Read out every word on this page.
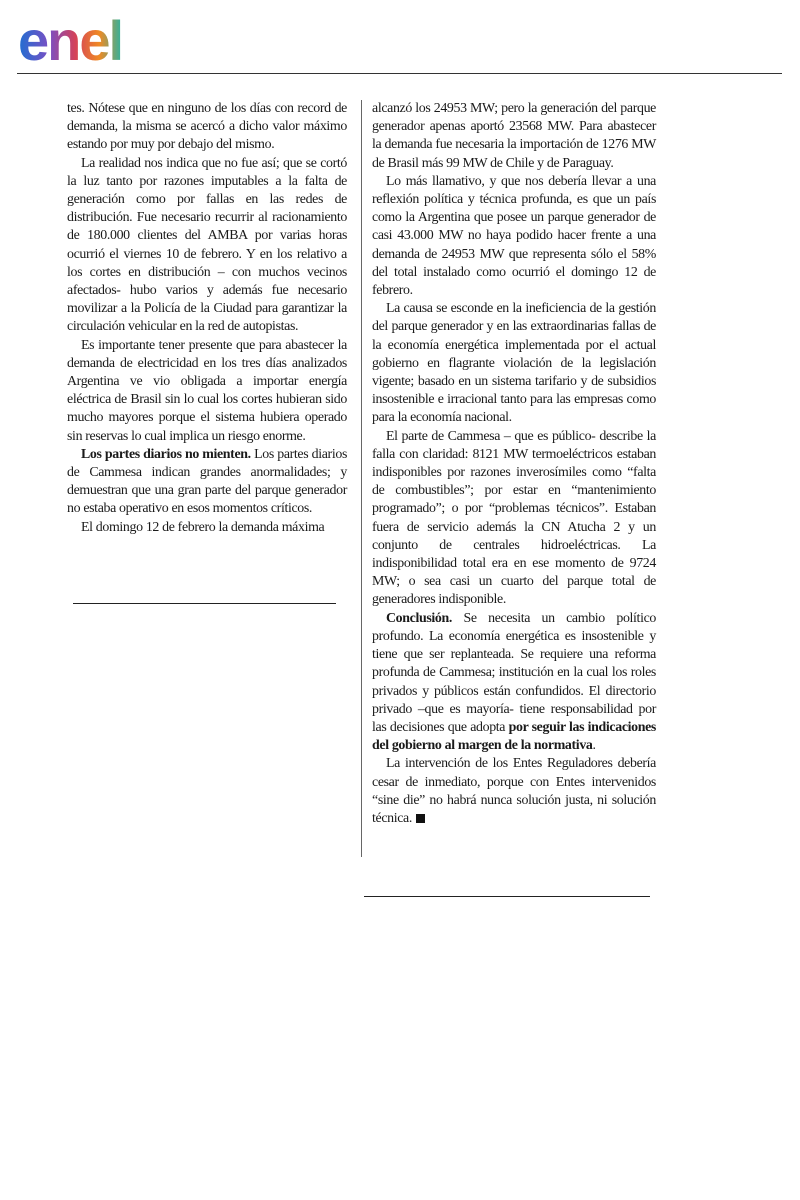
enel

tes. Nótese que en ninguno de los días con record de demanda, la misma se acercó a dicho valor máximo estando por muy por debajo del mismo.

La realidad nos indica que no fue así; que se cortó la luz tanto por razones imputables a la falta de generación como por fallas en las redes de distribución. Fue necesario recurrir al racionamiento de 180.000 clientes del AMBA por varias horas ocurrió el viernes 10 de febrero. Y en los relativo a los cortes en distribución – con muchos vecinos afectados- hubo varios y además fue necesario movilizar a la Policía de la Ciudad para garantizar la circulación vehicular en la red de autopistas.

Es importante tener presente que para abastecer la demanda de electricidad en los tres días analizados Argentina ve vio obligada a importar energía eléctrica de Brasil sin lo cual los cortes hubieran sido mucho mayores porque el sistema hubiera operado sin reservas lo cual implica un riesgo enorme.

Los partes diarios no mienten. Los partes diarios de Cammesa indican grandes anormalidades; y demuestran que una gran parte del parque generador no estaba operativo en esos momentos críticos.

El domingo 12 de febrero la demanda máxima

alcanzó los 24953 MW; pero la generación del parque generador apenas aportó 23568 MW. Para abastecer la demanda fue necesaria la importación de 1276 MW de Brasil más 99 MW de Chile y de Paraguay.

Lo más llamativo, y que nos debería llevar a una reflexión política y técnica profunda, es que un país como la Argentina que posee un parque generador de casi 43.000 MW no haya podido hacer frente a una demanda de 24953 MW que representa sólo el 58% del total instalado como ocurrió el domingo 12 de febrero.

La causa se esconde en la ineficiencia de la gestión del parque generador y en las extraordinarias fallas de la economía energética implementada por el actual gobierno en flagrante violación de la legislación vigente; basado en un sistema tarifario y de subsidios insostenible e irracional tanto para las empresas como para la economía nacional.

El parte de Cammesa – que es público- describe la falla con claridad: 8121 MW termoeléctricos estaban indisponibles por razones inverosímiles como “falta de combustibles”; por estar en “mantenimiento programado”; o por “problemas técnicos”. Estaban fuera de servicio además la CN Atucha 2 y un conjunto de centrales hidroeléctricas. La indisponibilidad total era en ese momento de 9724 MW; o sea casi un cuarto del parque total de generadores indisponible.

Conclusión. Se necesita un cambio político profundo. La economía energética es insostenible y tiene que ser replanteada. Se requiere una reforma profunda de Cammesa; institución en la cual los roles privados y públicos están confundidos. El directorio privado –que es mayoría- tiene responsabilidad por las decisiones que adopta por seguir las indicaciones del gobierno al margen de la normativa.

La intervención de los Entes Reguladores debería cesar de inmediato, porque con Entes intervenidos “sine die” no habrá nunca solución justa, ni solución técnica.
